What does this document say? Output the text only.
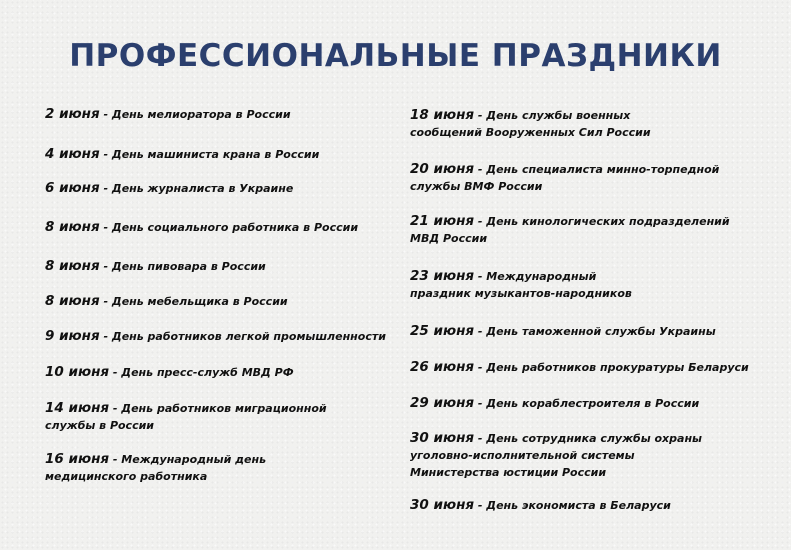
ПРОФЕССИОНАЛЬНЫЕ ПРАЗДНИКИ
2 июня - День мелиоратора в России
4 июня - День машиниста крана в России
6 июня - День журналиста в Украине
8 июня - День социального работника в России
8 июня - День пивовара в России
8 июня - День мебельщика в России
9 июня - День работников легкой промышленности
10 июня - День пресс-служб МВД РФ
14 июня - День работников миграционной службы в России
16 июня - Международный день медицинского работника
18 июня - День службы военных сообщений Вооруженных Сил России
20 июня - День специалиста минно-торпедной службы ВМФ России
21 июня - День кинологических подразделений МВД России
23 июня - Международный праздник музыкантов-народников
25 июня - День таможенной службы Украины
26 июня - День работников прокуратуры Беларуси
29 июня - День кораблестроителя в России
30 июня - День сотрудника службы охраны уголовно-исполнительной системы Министерства юстиции России
30 июня - День экономиста в Беларуси
